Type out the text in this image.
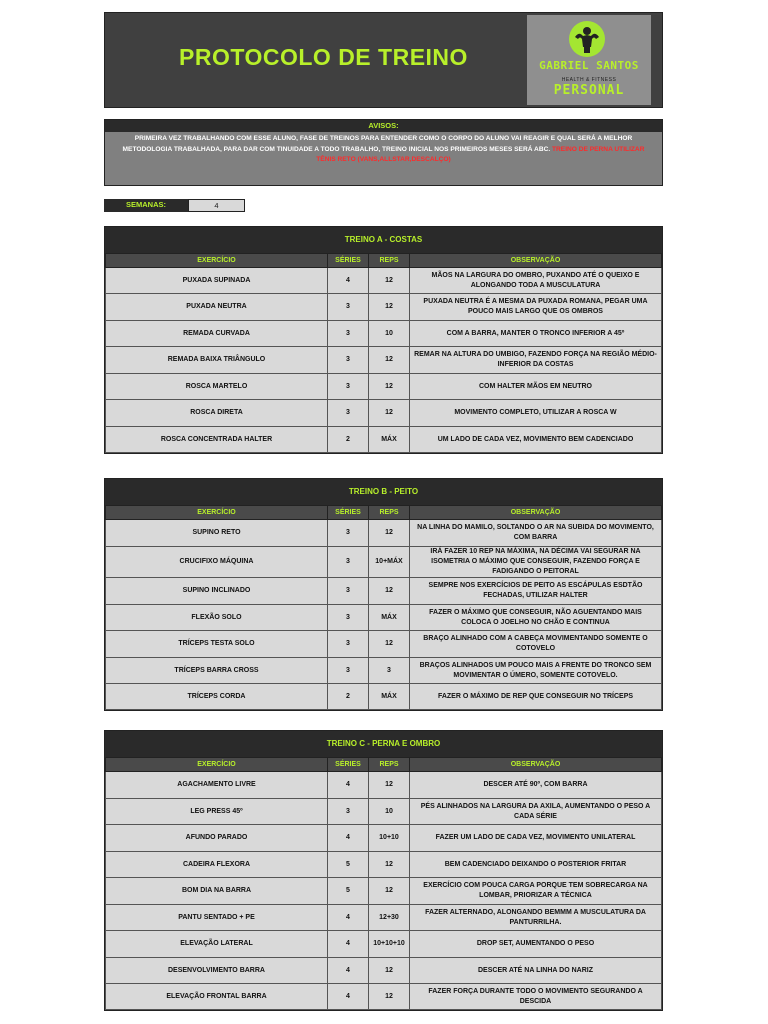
PROTOCOLO DE TREINO	GABRIEL SANTOS
HEALTH & FITNESS
PERSONAL
AVISOS:
PRIMEIRA VEZ TRABALHANDO COM ESSE ALUNO, FASE DE TREINOS PARA ENTENDER COMO O CORPO DO ALUNO VAI REAGIR E QUAL SERÁ A MELHOR METODOLOGIA TRABALHADA, PARA DAR COM TINUIDADE A TODO TRABALHO, TREINO INICIAL NOS PRIMEIROS MESES SERÁ ABC. TREINO DE PERNA UTILIZAR TÊNIS RETO (VANS,ALLSTAR,DESCALÇO)
SEMANAS:	4
TREINO A - COSTAS
EXERCÍCIO	SÉRIES	REPS	OBSERVAÇÃO
PUXADA SUPINADA	4	12	MÃOS NA LARGURA DO OMBRO, PUXANDO ATÉ O QUEIXO E ALONGANDO TODA A MUSCULATURA
PUXADA NEUTRA	3	12	PUXADA NEUTRA É A MESMA DA PUXADA ROMANA, PEGAR UMA POUCO MAIS LARGO QUE OS OMBROS
REMADA CURVADA	3	10	COM A BARRA, MANTER O TRONCO INFERIOR A 45º
REMADA BAIXA TRIÂNGULO	3	12	REMAR NA ALTURA DO UMBIGO, FAZENDO FORÇA NA REGIÃO MÉDIO-INFERIOR DA COSTAS
ROSCA MARTELO	3	12	COM HALTER MÃOS EM NEUTRO
ROSCA DIRETA	3	12	MOVIMENTO COMPLETO, UTILIZAR A ROSCA W
ROSCA CONCENTRADA HALTER	2	MÁX	UM LADO DE CADA VEZ, MOVIMENTO BEM CADENCIADO
TREINO B - PEITO
EXERCÍCIO	SÉRIES	REPS	OBSERVAÇÃO
SUPINO RETO	3	12	NA LINHA DO MAMILO, SOLTANDO O AR NA SUBIDA DO MOVIMENTO, COM BARRA
CRUCIFIXO MÁQUINA	3	10+MÁX	IRÁ FAZER 10 REP NA MÁXIMA, NA DÉCIMA VAI SEGURAR NA ISOMETRIA O MÁXIMO QUE CONSEGUIR, FAZENDO FORÇA E FADIGANDO O PEITORAL
SUPINO INCLINADO	3	12	SEMPRE NOS EXERCÍCIOS DE PEITO AS ESCÁPULAS ESDTÃO FECHADAS, UTILIZAR HALTER
FLEXÃO SOLO	3	MÁX	FAZER O MÁXIMO QUE CONSEGUIR, NÃO AGUENTANDO MAIS COLOCA O JOELHO NO CHÃO E CONTINUA
TRÍCEPS TESTA SOLO	3	12	BRAÇO ALINHADO COM A CABEÇA MOVIMENTANDO SOMENTE O COTOVELO
TRÍCEPS BARRA CROSS	3	3	BRAÇOS ALINHADOS UM POUCO MAIS A FRENTE DO TRONCO SEM MOVIMENTAR O ÚMERO, SOMENTE COTOVELO.
TRÍCEPS CORDA	2	MÁX	FAZER O MÁXIMO DE REP QUE CONSEGUIR NO TRÍCEPS
TREINO C - PERNA E OMBRO
EXERCÍCIO	SÉRIES	REPS	OBSERVAÇÃO
AGACHAMENTO LIVRE	4	12	DESCER ATÉ 90º, COM BARRA
LEG PRESS 45º	3	10	PÉS ALINHADOS NA LARGURA DA AXILA, AUMENTANDO O PESO A CADA SÉRIE
AFUNDO PARADO	4	10+10	FAZER UM LADO DE CADA VEZ, MOVIMENTO UNILATERAL
CADEIRA FLEXORA	5	12	BEM CADENCIADO DEIXANDO O POSTERIOR FRITAR
BOM DIA NA BARRA	5	12	EXERCÍCIO COM POUCA CARGA PORQUE TEM SOBRECARGA NA LOMBAR, PRIORIZAR A TÉCNICA
PANTU SENTADO + PE	4	12+30	FAZER ALTERNADO, ALONGANDO BEMMM A MUSCULATURA DA PANTURRILHA.
ELEVAÇÃO LATERAL	4	10+10+10	DROP SET, AUMENTANDO O PESO
DESENVOLVIMENTO BARRA	4	12	DESCER ATÉ NA LINHA DO NARIZ
ELEVAÇÃO FRONTAL BARRA	4	12	FAZER FORÇA DURANTE TODO O MOVIMENTO SEGURANDO A DESCIDA
